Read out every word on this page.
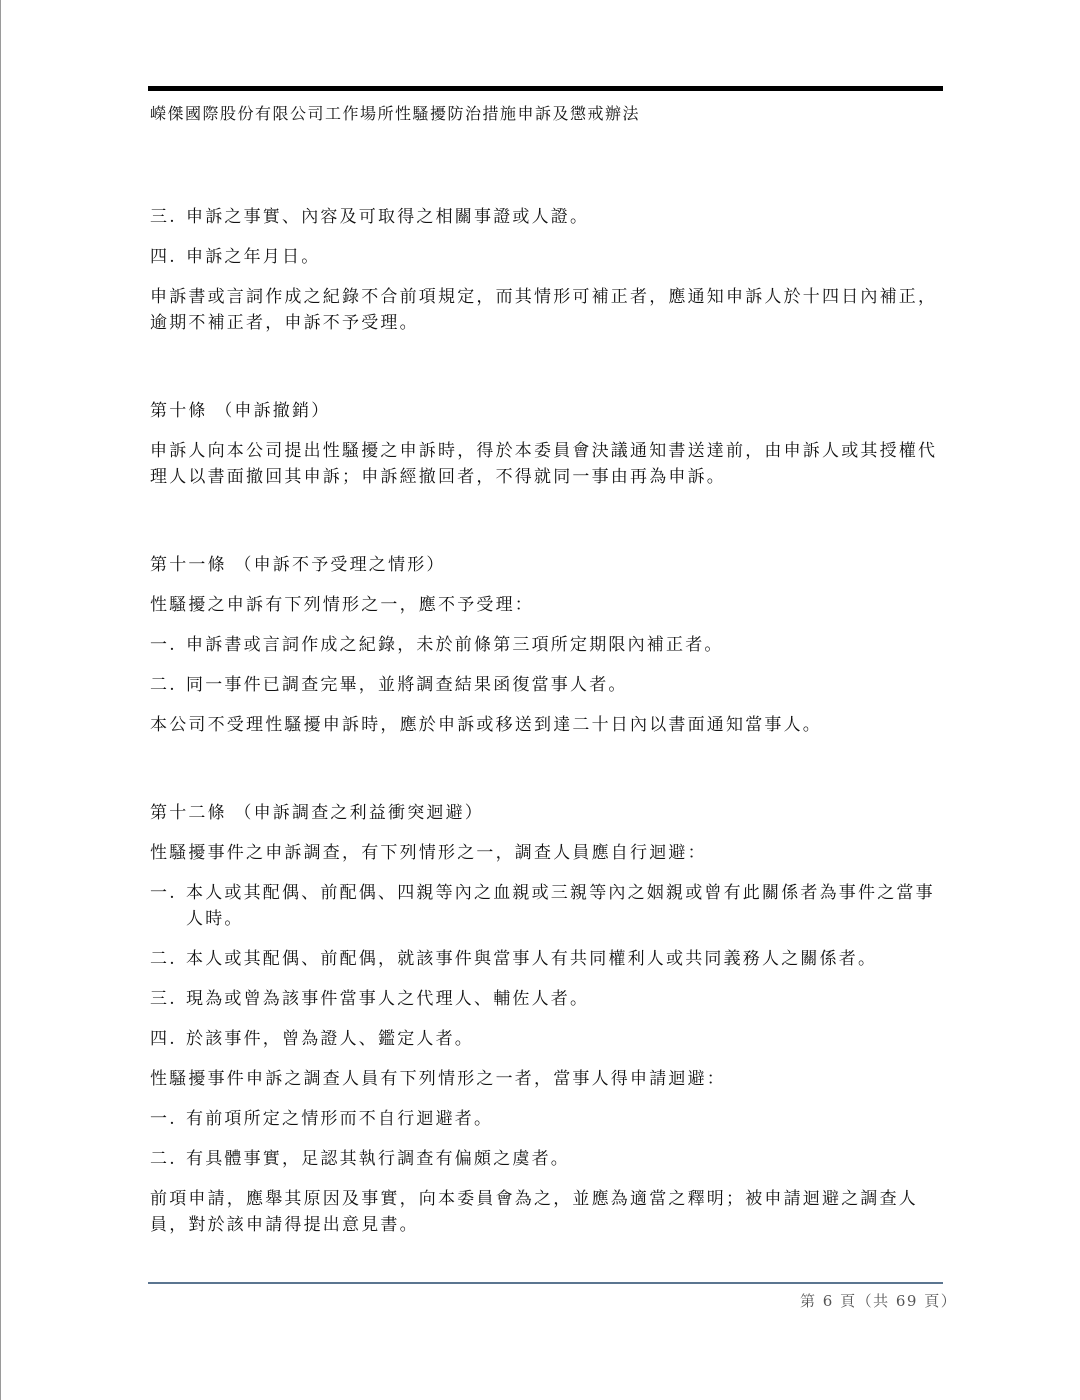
嶸傑國際股份有限公司工作場所性騷擾防治措施申訴及懲戒辦法
三. 申訴之事實、內容及可取得之相關事證或人證。
四. 申訴之年月日。
申訴書或言詞作成之紀錄不合前項規定，而其情形可補正者，應通知申訴人於十四日內補正，逾期不補正者，申訴不予受理。
第十條 （申訴撤銷）
申訴人向本公司提出性騷擾之申訴時，得於本委員會決議通知書送達前，由申訴人或其授權代理人以書面撤回其申訴；申訴經撤回者，不得就同一事由再為申訴。
第十一條 （申訴不予受理之情形）
性騷擾之申訴有下列情形之一，應不予受理：
一. 申訴書或言詞作成之紀錄，未於前條第三項所定期限內補正者。
二. 同一事件已調查完畢，並將調查結果函復當事人者。
本公司不受理性騷擾申訴時，應於申訴或移送到達二十日內以書面通知當事人。
第十二條 （申訴調查之利益衝突迴避）
性騷擾事件之申訴調查，有下列情形之一，調查人員應自行迴避：
一. 本人或其配偶、前配偶、四親等內之血親或三親等內之姻親或曾有此關係者為事件之當事人時。
二. 本人或其配偶、前配偶，就該事件與當事人有共同權利人或共同義務人之關係者。
三. 現為或曾為該事件當事人之代理人、輔佐人者。
四. 於該事件，曾為證人、鑑定人者。
性騷擾事件申訴之調查人員有下列情形之一者，當事人得申請迴避：
一. 有前項所定之情形而不自行迴避者。
二. 有具體事實，足認其執行調查有偏頗之虞者。
前項申請，應舉其原因及事實，向本委員會為之，並應為適當之釋明；被申請迴避之調查人員，對於該申請得提出意見書。
第 6 頁（共 69 頁）
